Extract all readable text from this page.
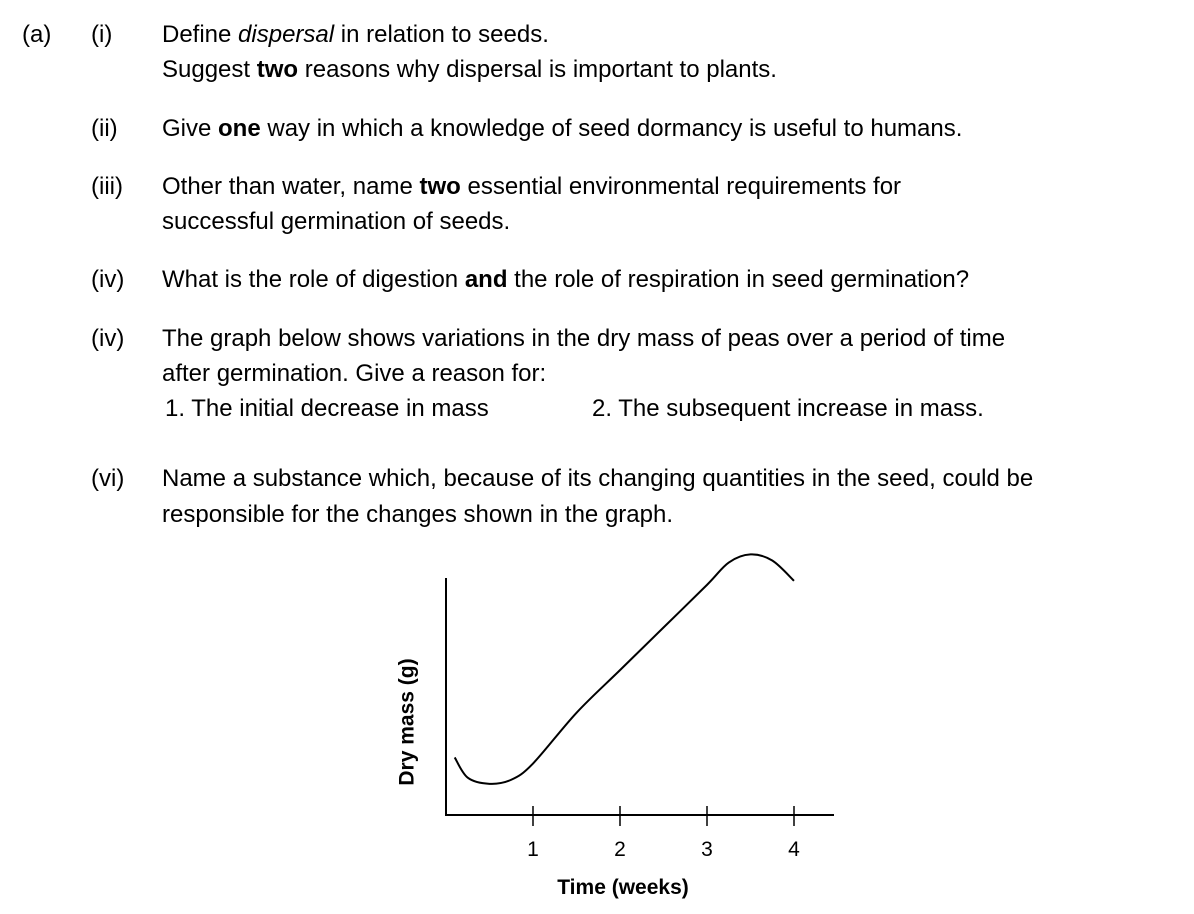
(a) (i) Define dispersal in relation to seeds.
Suggest two reasons why dispersal is important to plants.
(ii) Give one way in which a knowledge of seed dormancy is useful to humans.
(iii) Other than water, name two essential environmental requirements for
successful germination of seeds.
(iv) What is the role of digestion and the role of respiration in seed germination?
(iv) The graph below shows variations in the dry mass of peas over a period of time
after germination. Give a reason for:
1. The initial decrease in mass	2. The subsequent increase in mass.
(vi) Name a substance which, because of its changing quantities in the seed, could be
responsible for the changes shown in the graph.
1	2	3	4
Dry mass (g)
Time (weeks)
